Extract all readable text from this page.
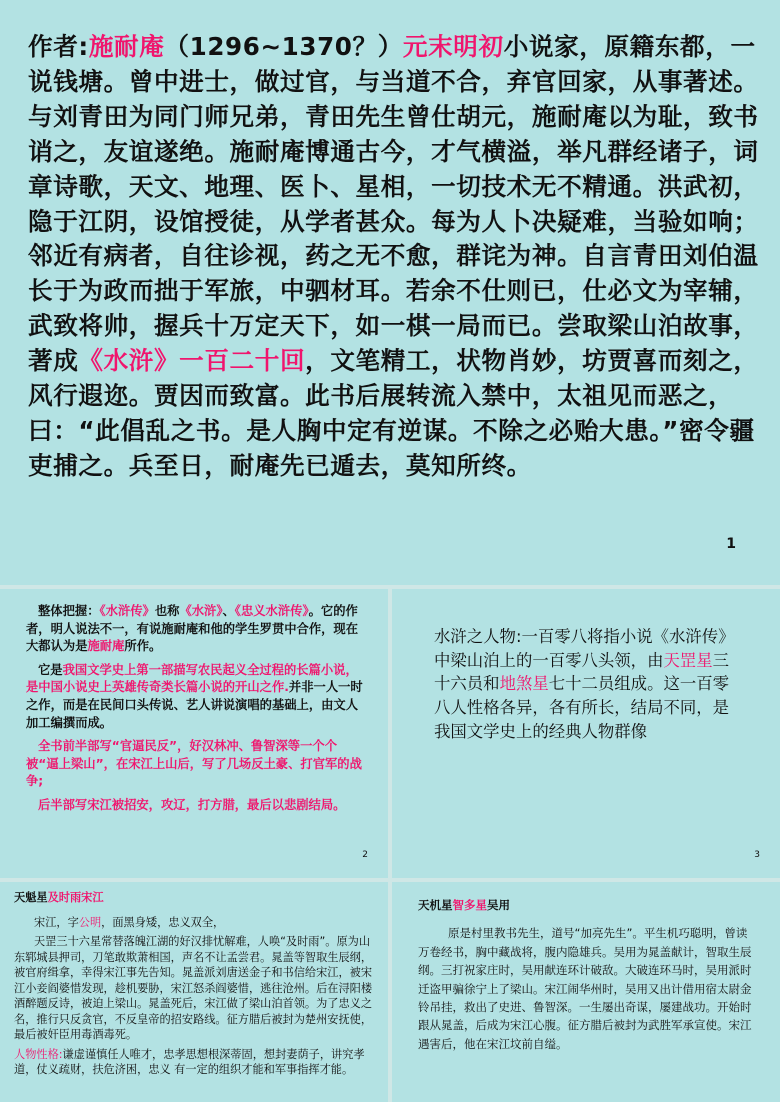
作者:施耐庵（1296~1370？）元末明初小说家，原籍东都，一说钱塘。曾中进士，做过官，与当道不合，弃官回家，从事著述。与刘青田为同门师兄弟，青田先生曾仕胡元，施耐庵以为耻，致书诮之，友谊遂绝。施耐庵博通古今，才气横溢，举凡群经诸子，词章诗歌，天文、地理、医卜、星相，一切技术无不精通。洪武初，隐于江阴，设馆授徒，从学者甚众。每为人卜决疑难，当验如响；邻近有病者，自往诊视，药之无不愈，群诧为神。自言青田刘伯温长于为政而拙于军旅，中驷材耳。若余不仕则已，仕必文为宰辅，武致将帅，握兵十万定天下，如一棋一局而已。尝取梁山泊故事，著成《水浒》一百二十回，文笔精工，状物肖妙，坊贾喜而刻之，风行遐迩。贾因而致富。此书后展转流入禁中，太祖见而恶之，曰：“此倡乱之书。是人胸中定有逆谋。不除之必贻大患。”密令疆吏捕之。兵至日，耐庵先已遁去，莫知所终。
1

整体把握：《水浒传》也称《水浒》、《忠义水浒传》。它的作者，明人说法不一，有说施耐庵和他的学生罗贯中合作，现在大都认为是施耐庵所作。

它是我国文学史上第一部描写农民起义全过程的长篇小说，是中国小说史上英雄传奇类长篇小说的开山之作.并非一人一时之作，而是在民间口头传说、艺人讲说演唱的基础上，由文人加工编撰而成。

全书前半部写“官逼民反”，好汉林冲、鲁智深等一个个被“逼上梁山”，在宋江上山后，写了几场反土豪、打官军的战争;

后半部写宋江被招安，攻辽，打方腊，最后以悲剧结局。

2
水浒之人物:一百零八将指小说《水浒传》中梁山泊上的一百零八头领，由天罡星三十六员和地煞星七十二员组成。这一百零八人性格各异，各有所长，结局不同，是我国文学史上的经典人物群像
3
天魁星及时雨宋江

宋江，字公明，面黑身矮，忠义双全，

天罡三十六星常替落魄江湖的好汉排忧解难，人唤“及时雨”。原为山东郓城县押司，刀笔敢欺萧相国，声名不让孟尝君。晁盖等智取生辰纲，被官府缉拿，幸得宋江事先告知。晁盖派刘唐送金子和书信给宋江，被宋江小妾阎婆惜发现，趁机要胁，宋江怒杀阎婆惜，逃往沧州。后在浔阳楼酒醉题反诗，被迫上梁山。晁盖死后，宋江做了梁山泊首领。为了忠义之名，推行只反贪官，不反皇帝的招安路线。征方腊后被封为楚州安抚使，最后被奸臣用毒酒毒死。

人物性格:谦虚谨慎任人唯才，忠孝思想根深蒂固，想封妻荫子，讲究孝道，仗义疏财，扶危济困，忠义 有一定的组织才能和军事指挥才能。

天机星智多星吴用

原是村里教书先生，道号“加亮先生”。平生机巧聪明，曾读万卷经书，胸中藏战将，腹内隐雄兵。吴用为晁盖献计，智取生辰纲。三打祝家庄时，吴用献连环计破敌。大破连环马时，吴用派时迁盗甲骗徐宁上了梁山。宋江闹华州时，吴用又出计借用宿太尉金铃吊挂，救出了史进、鲁智深。一生屡出奇谋，屡建战功。开始时跟从晁盖，后成为宋江心腹。征方腊后被封为武胜军承宣使。宋江遇害后，他在宋江坟前自缢。
